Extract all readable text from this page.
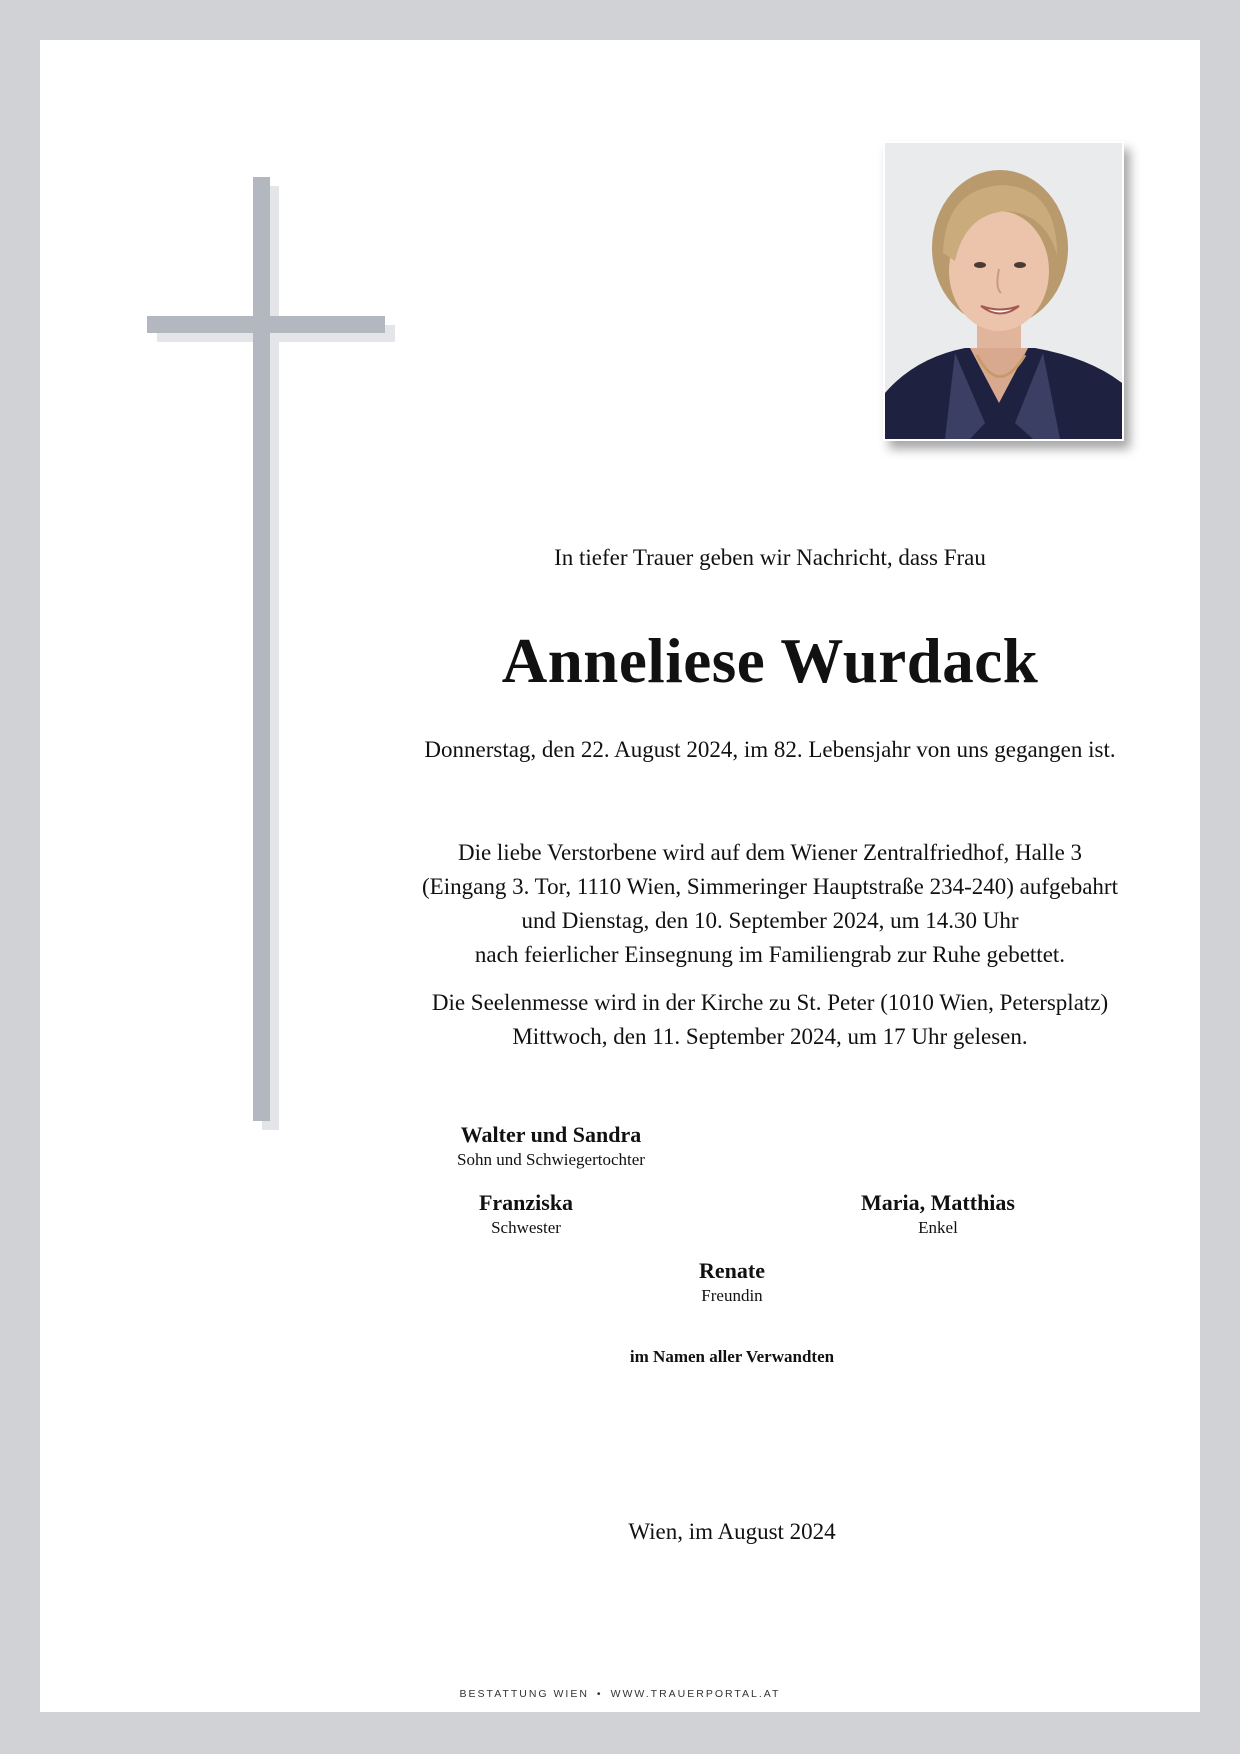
In tiefer Trauer geben wir Nachricht, dass Frau
Anneliese Wurdack
Donnerstag, den 22. August 2024, im 82. Lebensjahr von uns gegangen ist.
Die liebe Verstorbene wird auf dem Wiener Zentralfriedhof, Halle 3
(Eingang 3. Tor, 1110 Wien, Simmeringer Hauptstraße 234-240) aufgebahrt
und Dienstag, den 10. September 2024, um 14.30 Uhr
nach feierlicher Einsegnung im Familiengrab zur Ruhe gebettet.
Die Seelenmesse wird in der Kirche zu St. Peter (1010 Wien, Petersplatz)
Mittwoch, den 11. September 2024, um 17 Uhr gelesen.
Walter und Sandra
Sohn und Schwiegertochter
Franziska
Schwester
Maria, Matthias
Enkel
Renate
Freundin
im Namen aller Verwandten
Wien, im August 2024
BESTATTUNG WIEN • WWW.TRAUERPORTAL.AT
